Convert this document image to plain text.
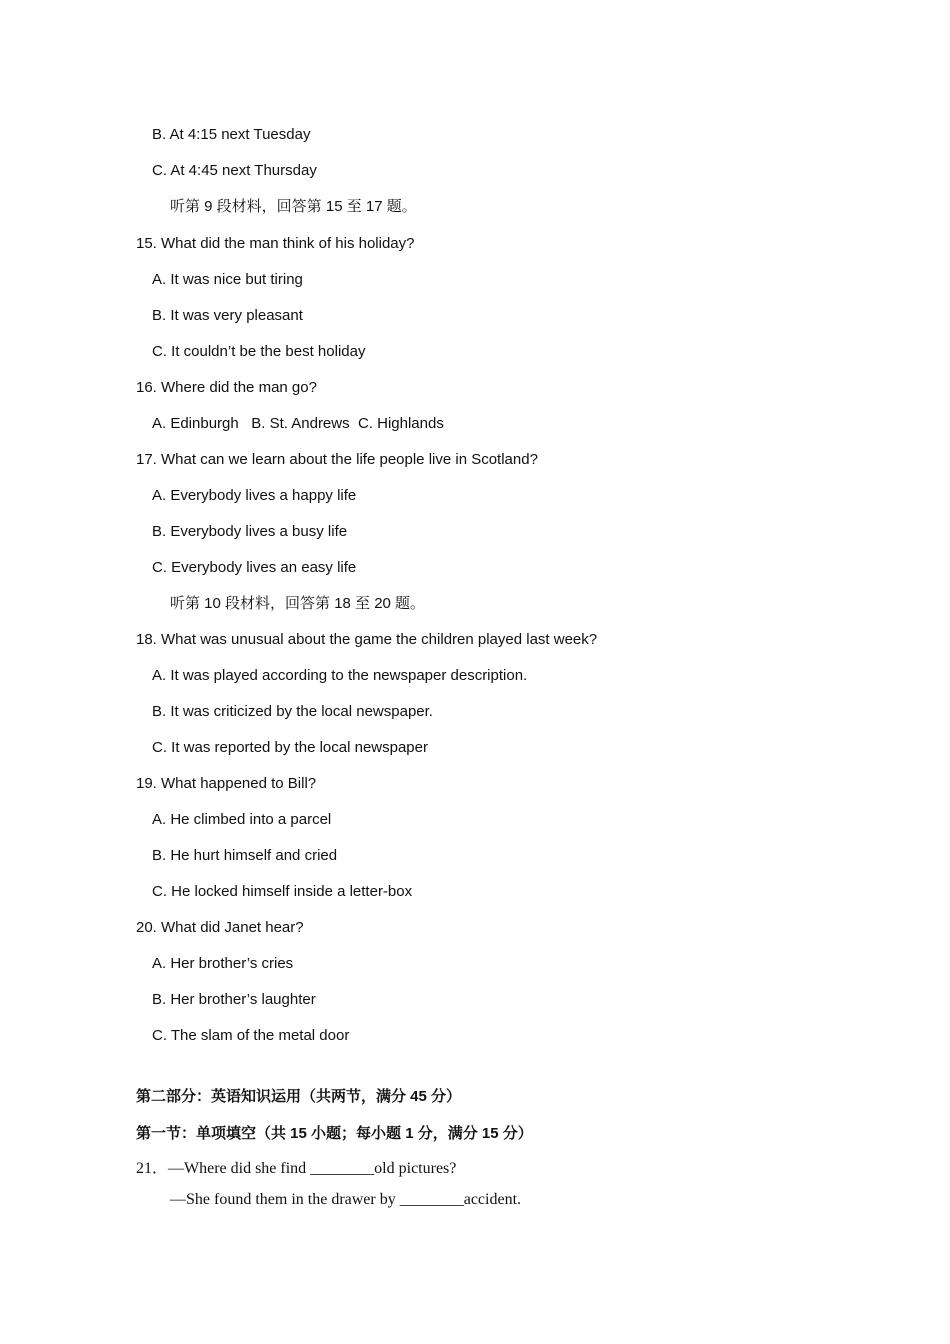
B. At 4:15 next Tuesday
C. At 4:45 next Thursday
听第 9 段材料，回答第 15 至 17 题。
15. What did the man think of his holiday?
A. It was nice but tiring
B. It was very pleasant
C. It couldn’t be the best holiday
16. Where did the man go?
A. Edinburgh   B. St. Andrews  C. Highlands
17. What can we learn about the life people live in Scotland?
A. Everybody lives a happy life
B. Everybody lives a busy life
C. Everybody lives an easy life
听第 10 段材料，回答第 18 至 20 题。
18. What was unusual about the game the children played last week?
A. It was played according to the newspaper description.
B. It was criticized by the local newspaper.
C. It was reported by the local newspaper
19. What happened to Bill?
A. He climbed into a parcel
B. He hurt himself and cried
C. He locked himself inside a letter-box
20. What did Janet hear?
A. Her brother’s cries
B. Her brother’s laughter
C. The slam of the metal door
第二部分：英语知识运用（共两节，满分 45 分）
第一节：单项填空（共 15 小题；每小题 1 分，满分 15 分）
21．—Where did she find ________old pictures?
—She found them in the drawer by ________accident.
